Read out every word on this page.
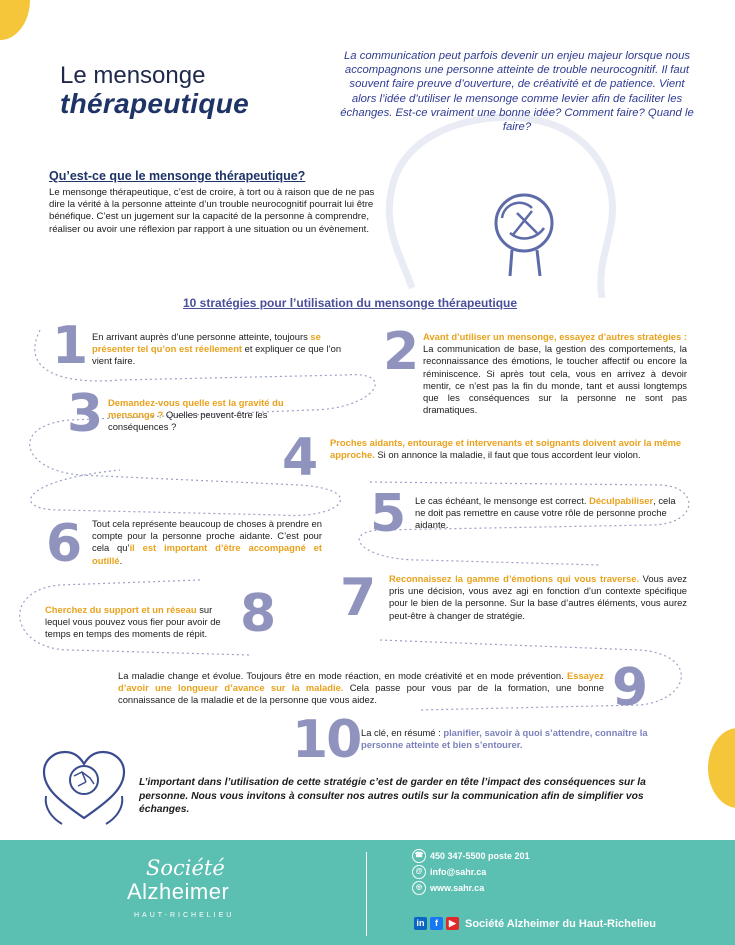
Le mensonge
thérapeutique
La communication peut parfois devenir un enjeu majeur lorsque nous accompagnons une personne atteinte de trouble neurocognitif. Il faut souvent faire preuve d’ouverture, de créativité et de patience. Vient alors l’idée d’utiliser le mensonge comme levier afin de faciliter les échanges. Est-ce vraiment une bonne idée? Comment faire? Quand le faire?
Qu’est-ce que le mensonge thérapeutique?
Le mensonge thérapeutique, c’est de croire, à tort ou à raison que de ne pas dire la vérité à la personne atteinte d’un trouble neurocognitif pourrait lui être bénéfique. C’est un jugement sur la capacité de la personne à comprendre, réaliser ou avoir une réflexion par rapport à une situation ou un évènement.
10 stratégies pour l’utilisation du mensonge thérapeutique
1 En arrivant auprès d’une personne atteinte, toujours se présenter tel qu’on est réellement et expliquer ce que l’on vient faire.	2 Avant d’utiliser un mensonge, essayez d’autres stratégies : La communication de base, la gestion des comportements, la reconnaissance des émotions, le toucher affectif ou encore la réminiscence. Si après tout cela, vous en arrivez à devoir mentir, ce n’est pas la fin du monde, tant et aussi longtemps que les conséquences sur la personne ne sont pas dramatiques.
3 Demandez-vous quelle est la gravité du mensonge ? Quelles peuvent-être les conséquences ?
4 Proches aidants, entourage et intervenants et soignants doivent avoir la même approche. Si on annonce la maladie, il faut que tous accordent leur violon.
5 Le cas échéant, le mensonge est correct. Déculpabiliser, cela ne doit pas remettre en cause votre rôle de personne proche aidante.
6 Tout cela représente beaucoup de choses à prendre en compte pour la personne proche aidante. C’est pour cela qu’il est important d’être accompagné et outillé.
7 Reconnaissez la gamme d’émotions qui vous traverse. Vous avez pris une décision, vous avez agi en fonction d’un contexte spécifique pour le bien de la personne. Sur la base d’autres éléments, vous aurez peut-être à changer de stratégie.
8
Cherchez du support et un réseau sur lequel vous pouvez vous fier pour avoir de temps en temps des moments de répit.
9
La maladie change et évolue. Toujours être en mode réaction, en mode créativité et en mode prévention. Essayez d’avoir une longueur d’avance sur la maladie. Cela passe pour vous par de la formation, une bonne connaissance de la maladie et de la personne que vous aidez.
10 La clé, en résumé : planifier, savoir à quoi s’attendre, connaître la personne atteinte et bien s’entourer.
L’important dans l’utilisation de cette stratégie c’est de garder en tête l’impact des conséquences sur la personne. Nous vous invitons à consulter nos autres outils sur la communication afin de simplifier vos échanges.
Société
Alzheimer
HAUT-RICHELIEU
☎ 450 347-5500 poste 201
@ info@sahr.ca
◎ www.sahr.ca
in	f	▶ Société Alzheimer du Haut-Richelieu
